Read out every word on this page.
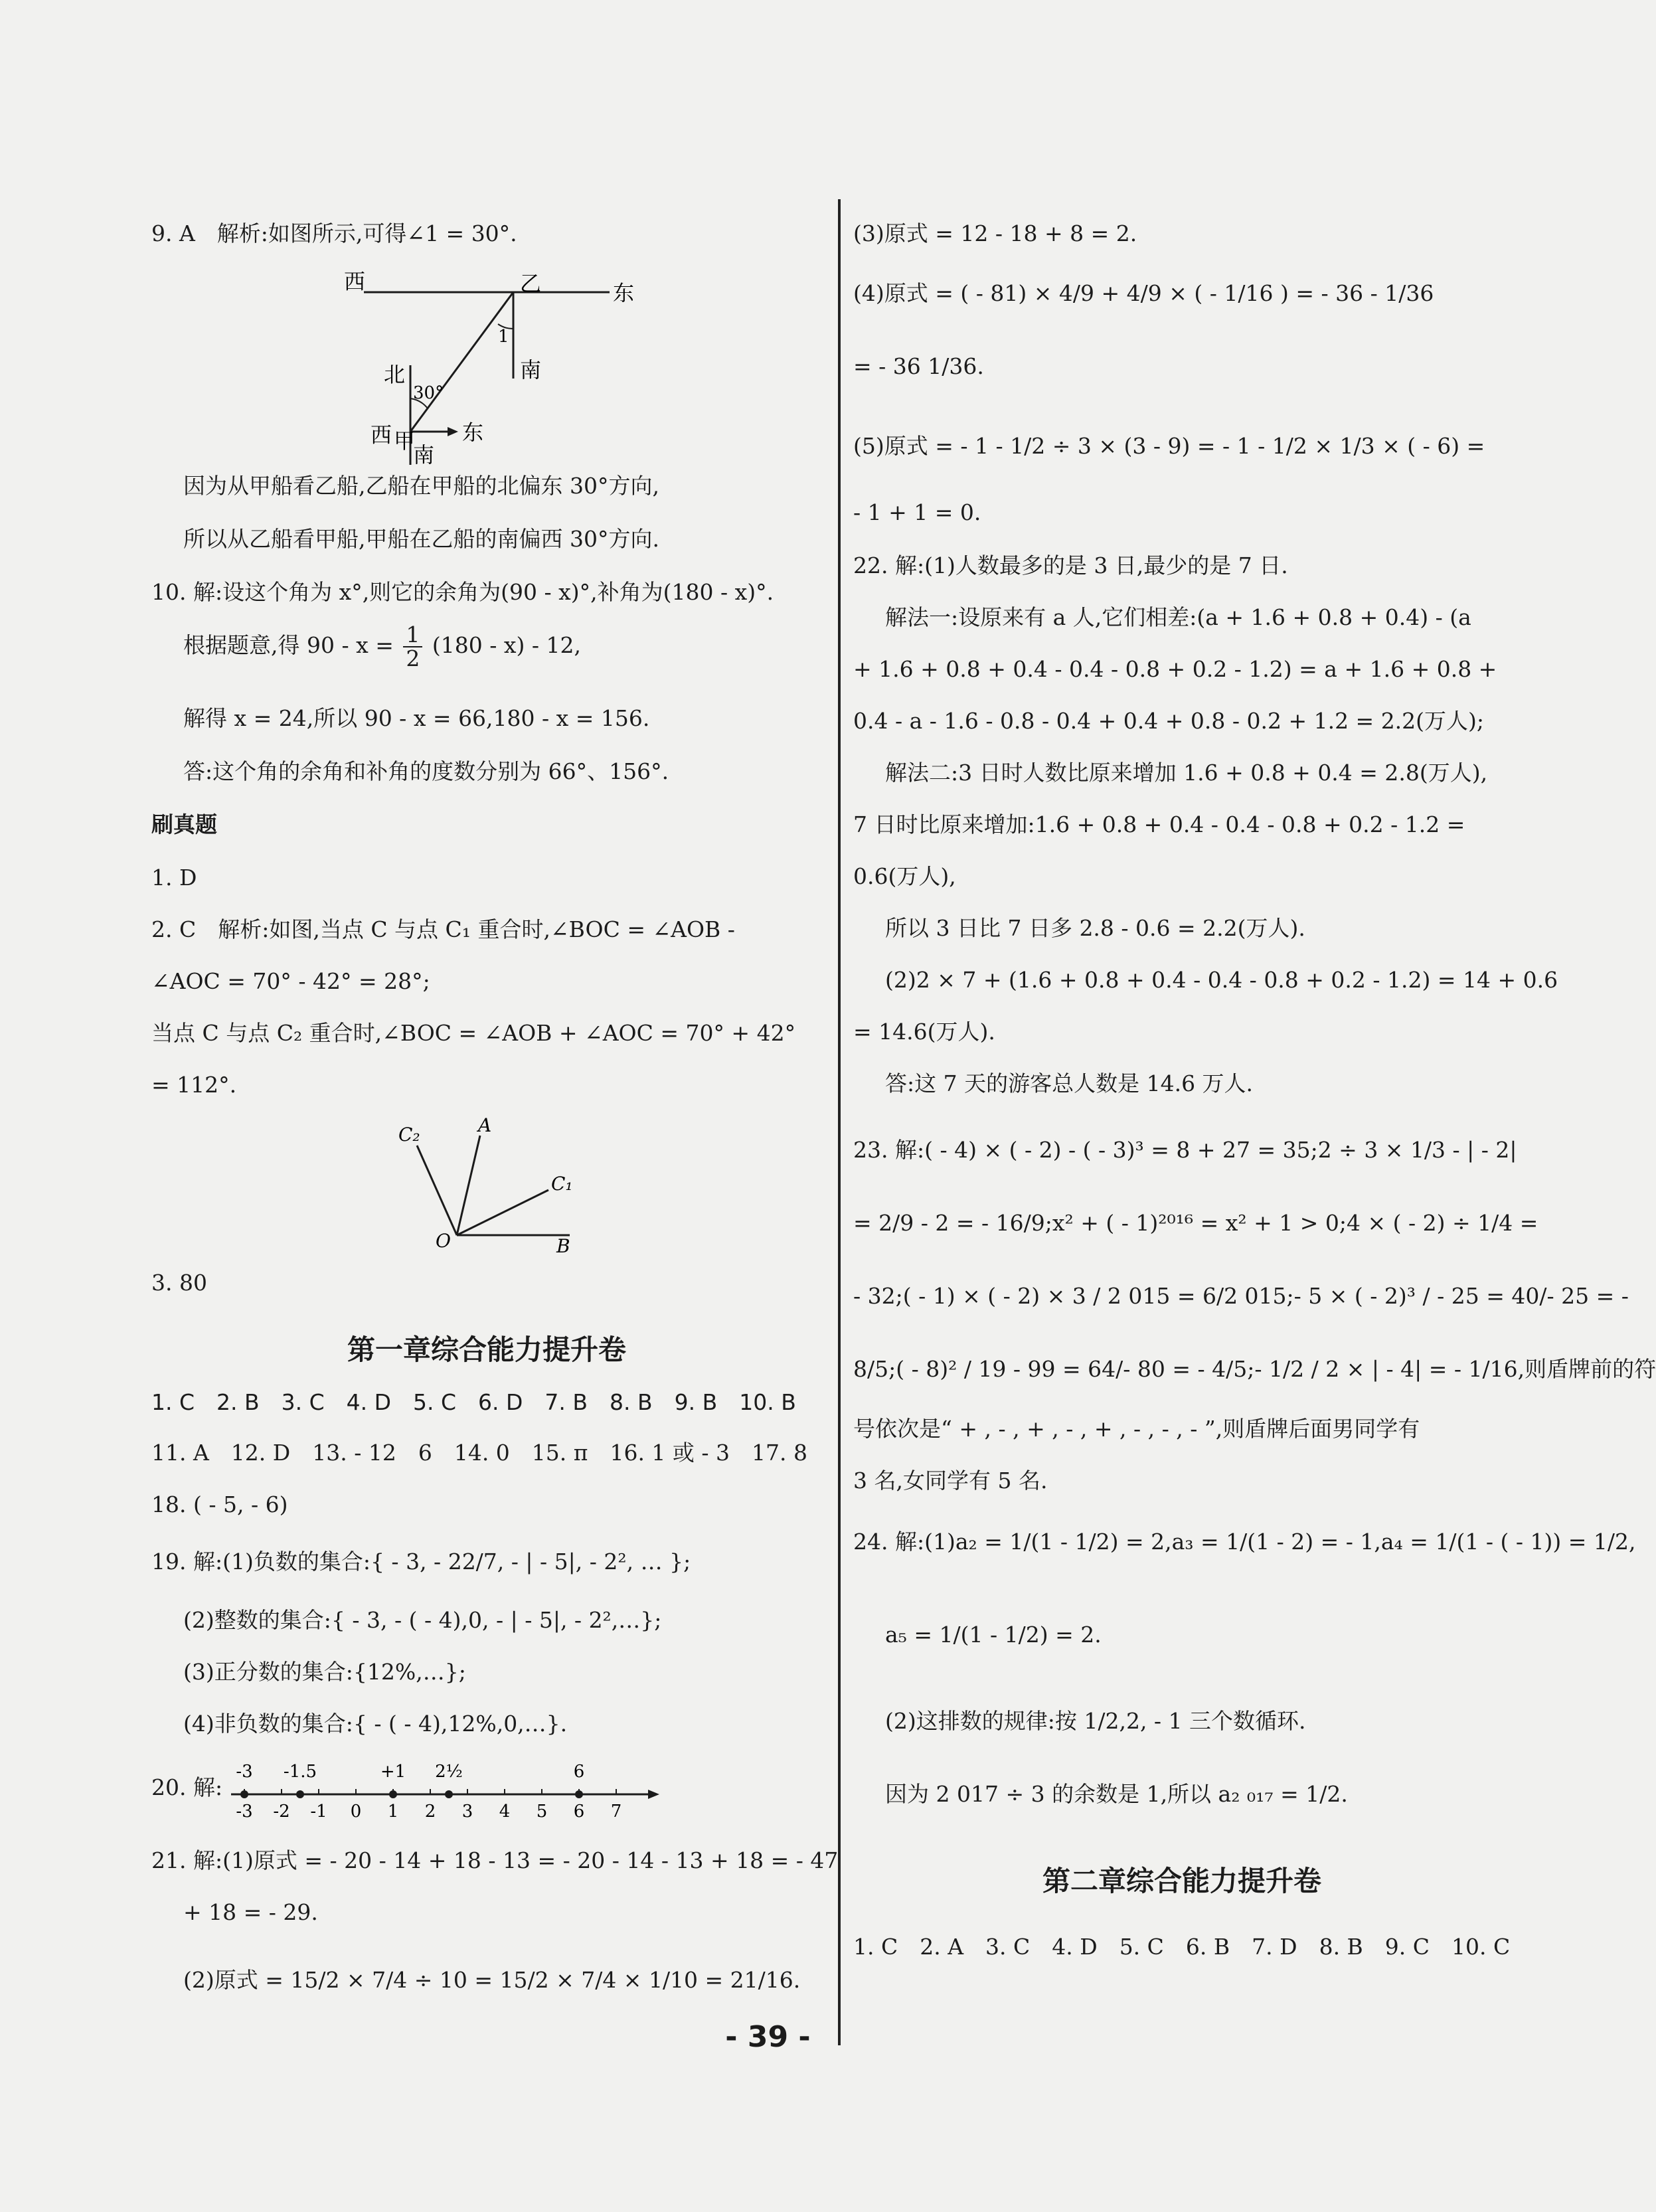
9. A　解析:如图所示,可得∠1 = 30°.
西	乙	东
1
南
北
30°
西 甲 东
南
因为从甲船看乙船,乙船在甲船的北偏东 30°方向,
所以从乙船看甲船,甲船在乙船的南偏西 30°方向.
10. 解:设这个角为 x°,则它的余角为(90 - x)°,补角为(180 - x)°.
根据题意,得 $90 - x = \frac{1}{2} (180 - x) - 12$,
解得 x = 24,所以 90 - x = 66,180 - x = 156.
答:这个角的余角和补角的度数分别为 66°、156°.
刷真题
1. D
2. C　解析:如图,当点 C 与点 C₁ 重合时,∠BOC = ∠AOB -
∠AOC = 70° - 42° = 28°;
当点 C 与点 C₂ 重合时,∠BOC = ∠AOB + ∠AOC = 70° + 42°
= 112°.
C₂	A
C₁
O	B
3. 80
第一章综合能力提升卷
1. C　2. B　3. C　4. D　5. C　6. D　7. B　8. B　9. B　10. B
11. A　12. D　13. - 12　6　14. 0　15. π　16. 1 或 - 3　17. 8
18. ( - 5, - 6)
19. 解:(1)负数的集合:{ - 3, - 22/7, - | - 5|, - 2², … };
(2)整数的集合:{ - 3, - ( - 4),0, - | - 5|, - 2²,…};
(3)正分数的集合:{12%,…};
(4)非负数的集合:{ - ( - 4),12%,0,…}.
20. 解:
-3 -2 -1 0 1 2 3 4 5 6 7
-3 -1.5	+1 2½	6
21. 解:(1)原式 = - 20 - 14 + 18 - 13 = - 20 - 14 - 13 + 18 = - 47
+ 18 = - 29.
(2)原式 = 15/2 × 7/4 ÷ 10 = 15/2 × 7/4 × 1/10 = 21/16.
(3)原式 = 12 - 18 + 8 = 2.
(4)原式 = ( - 81) × 4/9 + 4/9 × ( - 1/16 ) = - 36 - 1/36
= - 36 1/36.
(5)原式 = - 1 - 1/2 ÷ 3 × (3 - 9) = - 1 - 1/2 × 1/3 × ( - 6) =
- 1 + 1 = 0.
22. 解:(1)人数最多的是 3 日,最少的是 7 日.
解法一:设原来有 a 人,它们相差:(a + 1.6 + 0.8 + 0.4) - (a
+ 1.6 + 0.8 + 0.4 - 0.4 - 0.8 + 0.2 - 1.2) = a + 1.6 + 0.8 +
0.4 - a - 1.6 - 0.8 - 0.4 + 0.4 + 0.8 - 0.2 + 1.2 = 2.2(万人);
解法二:3 日时人数比原来增加 1.6 + 0.8 + 0.4 = 2.8(万人),
7 日时比原来增加:1.6 + 0.8 + 0.4 - 0.4 - 0.8 + 0.2 - 1.2 =
0.6(万人),
所以 3 日比 7 日多 2.8 - 0.6 = 2.2(万人).
(2)2 × 7 + (1.6 + 0.8 + 0.4 - 0.4 - 0.8 + 0.2 - 1.2) = 14 + 0.6
= 14.6(万人).
答:这 7 天的游客总人数是 14.6 万人.
23. 解:( - 4) × ( - 2) - ( - 3)³ = 8 + 27 = 35;2 ÷ 3 × 1/3 - | - 2|
= 2/9 - 2 = - 16/9;x² + ( - 1)²⁰¹⁶ = x² + 1 > 0;4 × ( - 2) ÷ 1/4 =
- 32;( - 1) × ( - 2) × 3 / 2 015 = 6/2 015;- 5 × ( - 2)³ / - 25 = 40/- 25 = -
8/5;( - 8)² / 19 - 99 = 64/- 80 = - 4/5;- 1/2 / 2 × | - 4| = - 1/16,则盾牌前的符
号依次是“ + , - , + , - , + , - , - , - ”,则盾牌后面男同学有
3 名,女同学有 5 名.
24. 解:(1)a₂ = 1/(1 - 1/2) = 2,a₃ = 1/(1 - 2) = - 1,a₄ = 1/(1 - ( - 1)) = 1/2,
a₅ = 1/(1 - 1/2) = 2.
(2)这排数的规律:按 1/2,2, - 1 三个数循环.
因为 2 017 ÷ 3 的余数是 1,所以 a₂ ₀₁₇ = 1/2.
第二章综合能力提升卷
1. C　2. A　3. C　4. D　5. C　6. B　7. D　8. B　9. C　10. C
- 39 -
